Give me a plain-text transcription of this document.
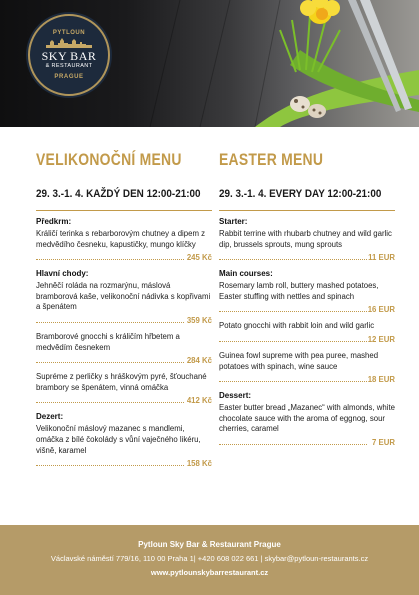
PYTLOUN
SKY BAR
& RESTAURANT
PRAGUE
VELIKONOČNÍ MENU
29. 3.-1. 4. KAŽDÝ DEN 12:00-21:00
Předkrm:
Králičí terinka s rebarborovým chutney a dipem z medvědího česneku, kapustičky, mungo klíčky
245 Kč
Hlavní chody:
Jehněčí roláda na rozmarýnu, máslová bramborová kaše, velikonoční nádivka s kopřivami a špenátem
359 Kč
Bramborové gnocchi s králičím hřbetem a medvědím česnekem
284 Kč
Supréme z perličky s hráškovým pyré, šťouchané brambory se špenátem, vinná omáčka
412 Kč
Dezert:
Velikonoční máslový mazanec s mandlemi, omáčka z bílé čokolády s vůní vaječného likéru, višně, karamel
158 Kč
EASTER MENU
29. 3.-1. 4. EVERY DAY 12:00-21:00
Starter:
Rabbit terrine with rhubarb chutney and wild garlic dip, brussels sprouts, mung sprouts
11 EUR
Main courses:
Rosemary lamb roll, buttery mashed potatoes, Easter stuffing with nettles and spinach
16 EUR
Potato gnocchi with rabbit loin and wild garlic
12 EUR
Guinea fowl supreme with pea puree, mashed potatoes with spinach, wine sauce
18 EUR
Dessert:
Easter butter bread „Mazanec“ with almonds, white chocolate sauce with the aroma of eggnog, sour cherries, caramel
7 EUR
Pytloun Sky Bar & Restaurant Prague
Václavské náměstí 779/16, 110 00 Praha 1| +420 608 022 661 | skybar@pytloun-restaurants.cz
www.pytlounskybarrestaurant.cz
